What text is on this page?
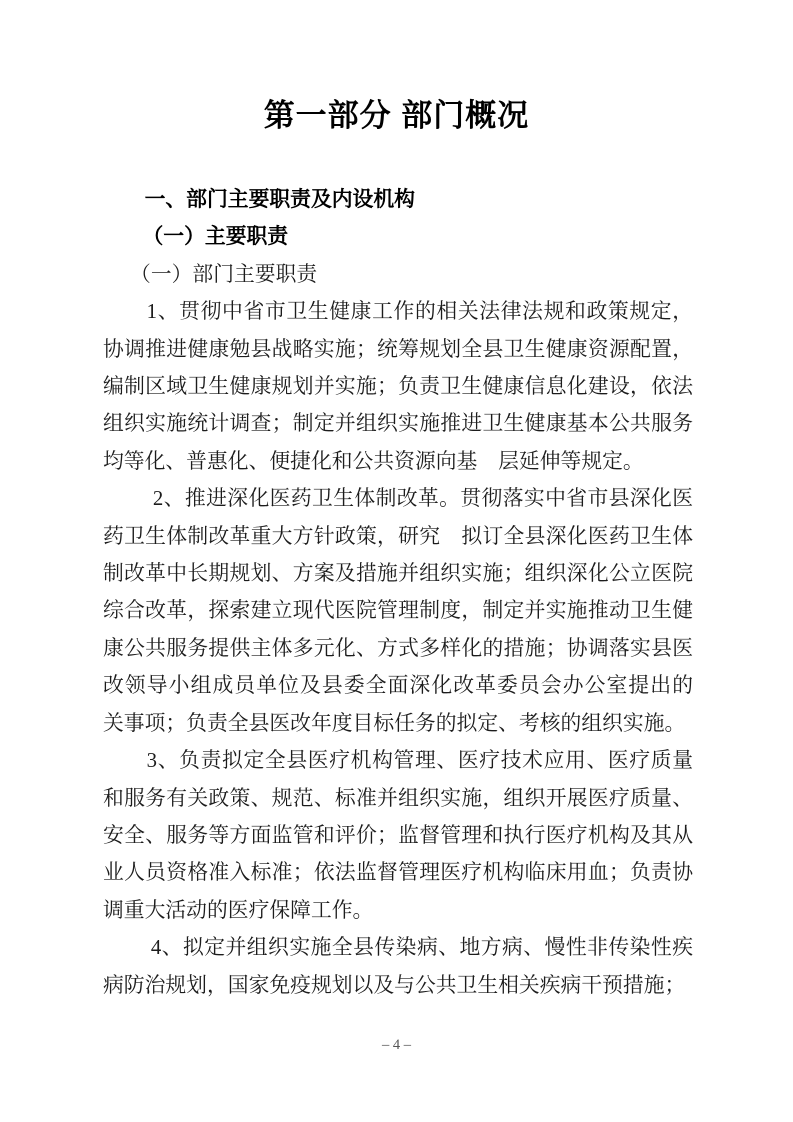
第一部分 部门概况
一、部门主要职责及内设机构
（一）主要职责
（一）部门主要职责
1、贯彻中省市卫生健康工作的相关法律法规和政策规定，
协调推进健康勉县战略实施；统筹规划全县卫生健康资源配置，
编制区域卫生健康规划并实施；负责卫生健康信息化建设，依法
组织实施统计调查；制定并组织实施推进卫生健康基本公共服务
均等化、普惠化、便捷化和公共资源向基　层延伸等规定。
2、推进深化医药卫生体制改革。贯彻落实中省市县深化医
药卫生体制改革重大方针政策，研究　拟订全县深化医药卫生体
制改革中长期规划、方案及措施并组织实施；组织深化公立医院
综合改革，探索建立现代医院管理制度，制定并实施推动卫生健
康公共服务提供主体多元化、方式多样化的措施；协调落实县医
改领导小组成员单位及县委全面深化改革委员会办公室提出的
关事项；负责全县医改年度目标任务的拟定、考核的组织实施。
3、负责拟定全县医疗机构管理、医疗技术应用、医疗质量
和服务有关政策、规范、标准并组织实施，组织开展医疗质量、
安全、服务等方面监管和评价；监督管理和执行医疗机构及其从
业人员资格准入标准；依法监督管理医疗机构临床用血；负责协
调重大活动的医疗保障工作。
4、拟定并组织实施全县传染病、地方病、慢性非传染性疾
病防治规划，国家免疫规划以及与公共卫生相关疾病干预措施；
– 4 –
